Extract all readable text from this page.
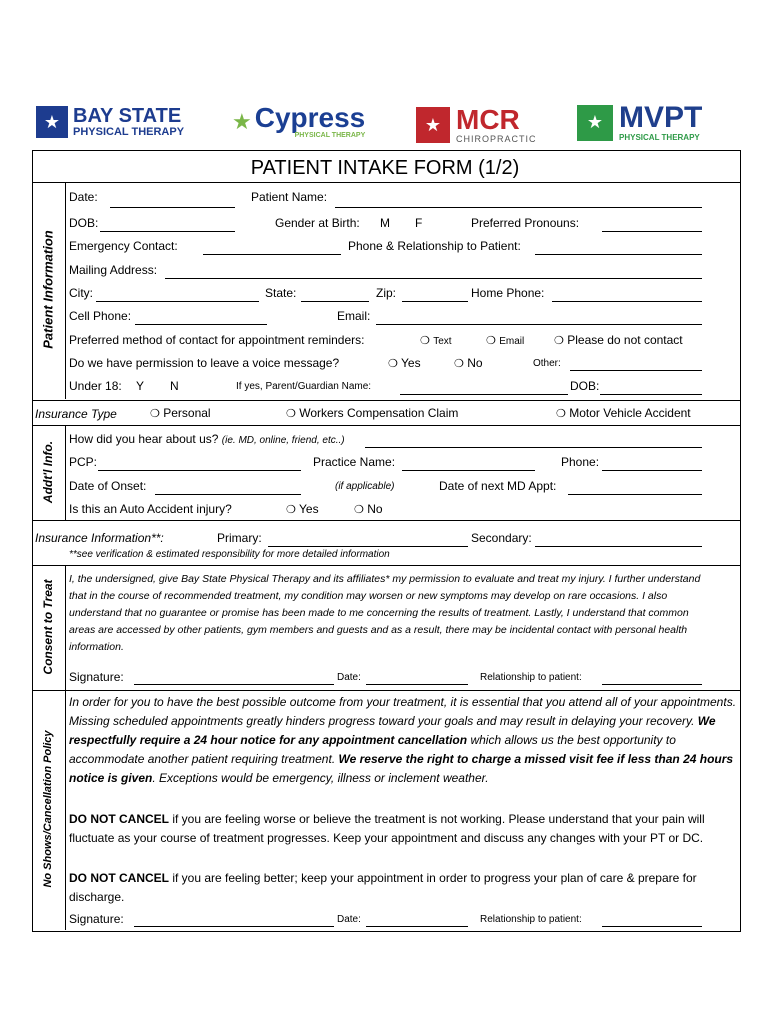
★ BAY STATE
PHYSICAL THERAPY ★ Cypress
PHYSICAL THERAPY
★ MCR
CHIROPRACTIC
★ MVPT
PHYSICAL THERAPY
PATIENT INTAKE FORM (1/2)
Patient Information
Addt'l Info.
Consent to Treat
No Shows/Cancellation Policy
Date:	Patient Name:
DOB:	Gender at Birth: M F	Preferred Pronouns:
Emergency Contact:	Phone & Relationship to Patient:
Mailing Address:
City:	State:	Zip:	Home Phone:
Cell Phone:	Email:
Preferred method of contact for appointment reminders:	❍ Text	❍ Email	❍ Please do not contact
Do we have permission to leave a voice message?	❍ Yes	❍ No	Other:
Under 18: Y N	If yes, Parent/Guardian Name:	DOB:
Insurance Type	❍ Personal	❍ Workers Compensation Claim	❍ Motor Vehicle Accident
How did you hear about us? (ie. MD, online, friend, etc..)
PCP:	Practice Name:	Phone:
Date of Onset:	(if applicable)	Date of next MD Appt:
Is this an Auto Accident injury?	❍ Yes	❍ No
Insurance Information**:	Primary:	Secondary:
**see verification & estimated responsibility for more detailed information
I, the undersigned, give Bay State Physical Therapy and its affiliates* my permission to evaluate and treat my injury. I further understand that in the course of recommended treatment, my condition may worsen or new symptoms may develop on rare occasions. I also understand that no guarantee or promise has been made to me concerning the results of treatment. Lastly, I understand that common areas are accessed by other patients, gym members and guests and as a result, there may be incidental contact with personal health information.
Signature:	Date:	Relationship to patient:
In order for you to have the best possible outcome from your treatment, it is essential that you attend all of your appointments. Missing scheduled appointments greatly hinders progress toward your goals and may result in delaying your recovery. We respectfully require a 24 hour notice for any appointment cancellation which allows us the best opportunity to accommodate another patient requiring treatment. We reserve the right to charge a missed visit fee if less than 24 hours notice is given. Exceptions would be emergency, illness or inclement weather.
DO NOT CANCEL if you are feeling worse or believe the treatment is not working. Please understand that your pain will fluctuate as your course of treatment progresses. Keep your appointment and discuss any changes with your PT or DC.
DO NOT CANCEL if you are feeling better; keep your appointment in order to progress your plan of care & prepare for discharge.
Signature:	Date:	Relationship to patient:
